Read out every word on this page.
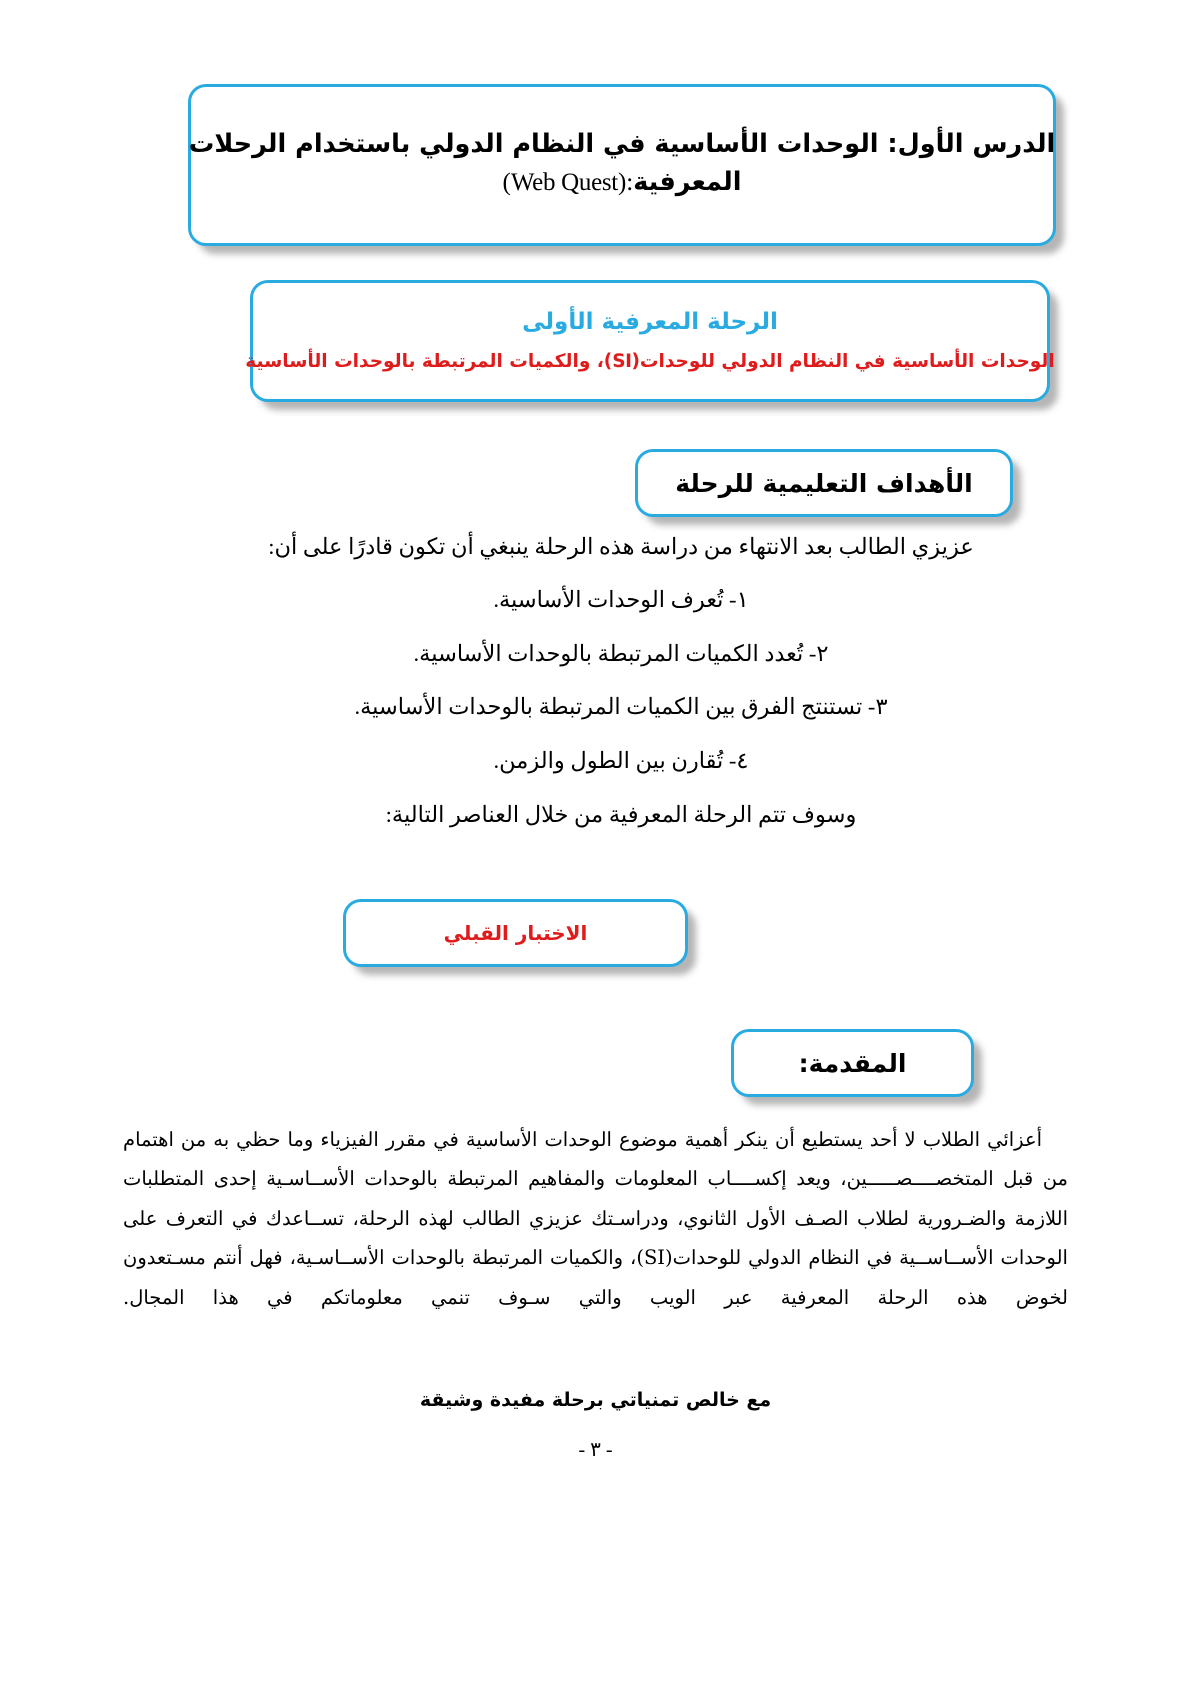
الدرس الأول: الوحدات الأساسية في النظام الدولي باستخدام الرحلات
المعرفية(Web Quest):
الرحلة المعرفية الأولى
الوحدات الأساسية في النظام الدولي للوحدات(SI)، والكميات المرتبطة بالوحدات الأساسية
الأهداف التعليمية للرحلة

عزيزي الطالب بعد الانتهاء من دراسة هذه الرحلة ينبغي أن تكون قادرًا على أن:

١- تُعرف الوحدات الأساسية.
٢- تُعدد الكميات المرتبطة بالوحدات الأساسية.
٣- تستنتج الفرق بين الكميات المرتبطة بالوحدات الأساسية.
٤- تُقارن بين الطول والزمن.

وسوف تتم الرحلة المعرفية من خلال العناصر التالية:

الاختبار القبلي
المقدمة:

أعزائي الطلاب لا أحد يستطيع أن ينكر أهمية موضوع الوحدات الأساسية في مقرر الفيزياء وما حظي به من اهتمام من قبل المتخصــــصـــــين، ويعد إكســــاب المعلومات والمفاهيم المرتبطة بالوحدات الأســاسـية إحدى المتطلبات اللازمة والضـرورية لطلاب الصـف الأول الثانوي، ودراسـتك عزيزي الطالب لهذه الرحلة، تســاعدك في التعرف على الوحدات الأســاســية في النظام الدولي للوحدات(SI)، والكميات المرتبطة بالوحدات الأســاسـية، فهل أنتم مسـتعدون لخوض هذه الرحلة المعرفية عبر الويب والتي سـوف تنمي معلوماتكم في هذا المجال.

مع خالص تمنياتي برحلة مفيدة وشيقة
- ٣ -
